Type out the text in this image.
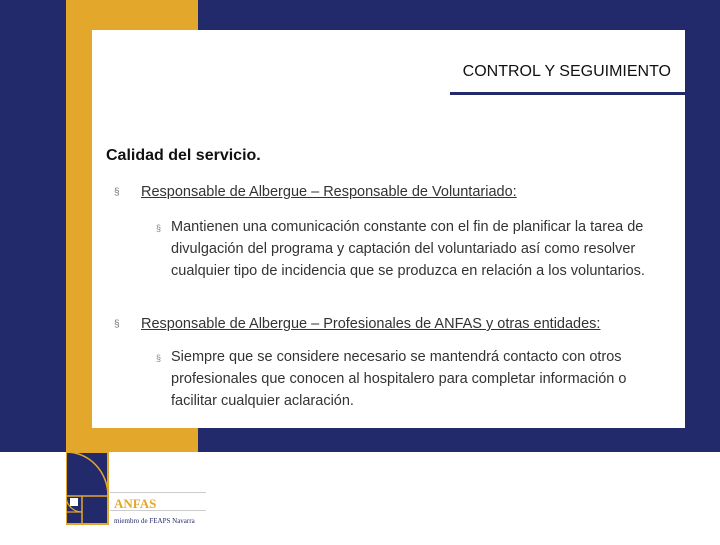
CONTROL Y SEGUIMIENTO
Calidad del servicio.
§ Responsable de Albergue – Responsable de Voluntariado:
§ Mantienen una comunicación constante con el fin de planificar la tarea de divulgación del programa y captación del voluntariado así como resolver cualquier tipo de incidencia que se produzca en relación a los voluntarios.
§ Responsable de Albergue – Profesionales de ANFAS y otras entidades:
§ Siempre que se considere necesario se mantendrá contacto con otros profesionales que conocen al hospitalero para completar información o facilitar cualquier aclaración.
ANFAS
miembro de FEAPS Navarra
